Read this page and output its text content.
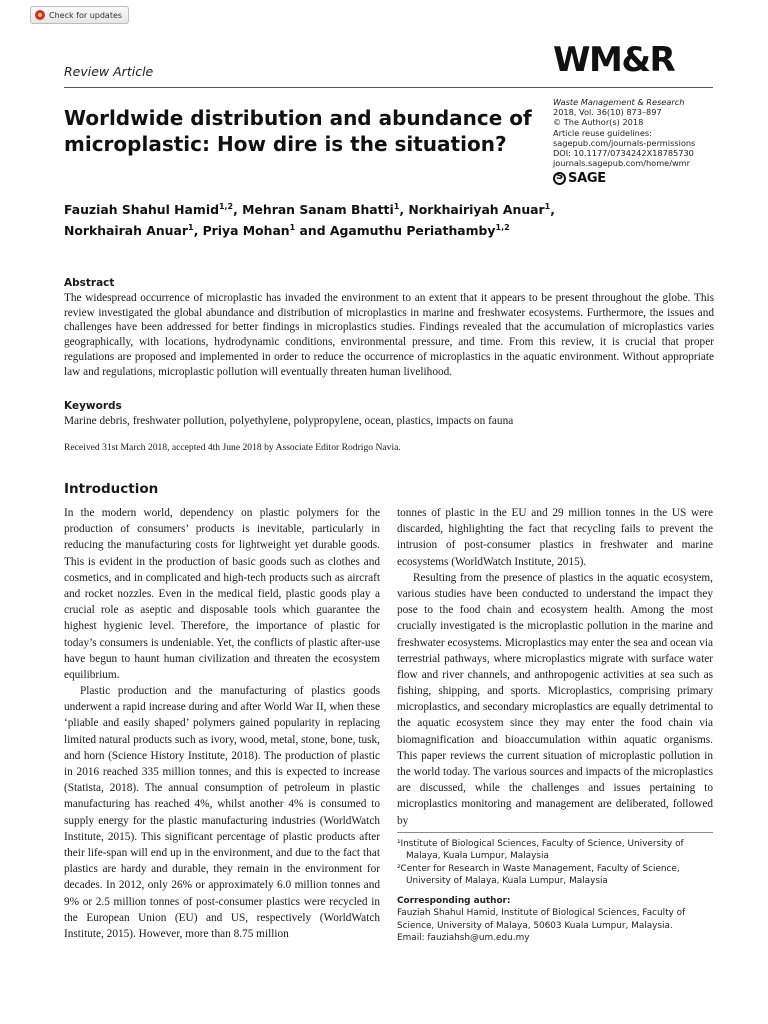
Check for updates
Review Article	WM&R
Waste Management & Research
2018, Vol. 36(10) 873–897
© The Author(s) 2018
Article reuse guidelines:
sagepub.com/journals-permissions
DOI: 10.1177/0734242X18785730
journals.sagepub.com/home/wmr
S
SAGE
Worldwide distribution and abundance of microplastic: How dire is the situation?

Fauziah Shahul Hamid$^{1,2}$, Mehran Sanam Bhatti$^1$, Norkhairiyah Anuar$^1$,
Norkhairah Anuar$^1$, Priya Mohan$^1$ and Agamuthu Periathamby$^{1,2}$

Abstract

The widespread occurrence of microplastic has invaded the environment to an extent that it appears to be present throughout the globe. This review investigated the global abundance and distribution of microplastics in marine and freshwater ecosystems. Furthermore, the issues and challenges have been addressed for better findings in microplastics studies. Findings revealed that the accumulation of microplastics varies geographically, with locations, hydrodynamic conditions, environmental pressure, and time. From this review, it is crucial that proper regulations are proposed and implemented in order to reduce the occurrence of microplastics in the aquatic environment. Without appropriate law and regulations, microplastic pollution will eventually threaten human livelihood.

Keywords
Marine debris, freshwater pollution, polyethylene, polypropylene, ocean, plastics, impacts on fauna
Received 31st March 2018, accepted 4th June 2018 by Associate Editor Rodrigo Navia.
Introduction

In the modern world, dependency on plastic polymers for the production of consumers’ products is inevitable, particularly in reducing the manufacturing costs for lightweight yet durable goods. This is evident in the production of basic goods such as clothes and cosmetics, and in complicated and high-tech products such as aircraft and rocket nozzles. Even in the medical field, plastic goods play a crucial role as aseptic and disposable tools which guarantee the highest hygienic level. Therefore, the importance of plastic for today’s consumers is undeniable. Yet, the conflicts of plastic after-use have begun to haunt human civilization and threaten the ecosystem equilibrium.

Plastic production and the manufacturing of plastics goods underwent a rapid increase during and after World War II, when these ‘pliable and easily shaped’ polymers gained popularity in replacing limited natural products such as ivory, wood, metal, stone, bone, tusk, and horn (Science History Institute, 2018). The production of plastic in 2016 reached 335 million tonnes, and this is expected to increase (Statista, 2018). The annual consumption of petroleum in plastic manufacturing has reached 4%, whilst another 4% is consumed to supply energy for the plastic manufacturing industries (WorldWatch Institute, 2015). This significant percentage of plastic products after their life-span will end up in the environment, and due to the fact that plastics are hardy and durable, they remain in the environment for decades. In 2012, only 26% or approximately 6.0 million tonnes and 9% or 2.5 million tonnes of post-consumer plastics were recycled in the European Union (EU) and US, respectively (WorldWatch Institute, 2015). However, more than 8.75 million

tonnes of plastic in the EU and 29 million tonnes in the US were discarded, highlighting the fact that recycling fails to prevent the intrusion of post-consumer plastics in freshwater and marine ecosystems (WorldWatch Institute, 2015).

Resulting from the presence of plastics in the aquatic ecosystem, various studies have been conducted to understand the impact they pose to the food chain and ecosystem health. Among the most crucially investigated is the microplastic pollution in the marine and freshwater ecosystems. Microplastics may enter the sea and ocean via terrestrial pathways, where microplastics migrate with surface water flow and river channels, and anthropogenic activities at sea such as fishing, shipping, and sports. Microplastics, comprising primary microplastics, and secondary microplastics are equally detrimental to the aquatic ecosystem since they may enter the food chain via biomagnification and bioaccumulation within aquatic organisms. This paper reviews the current situation of microplastic pollution in the world today. The various sources and impacts of the microplastics are discussed, while the challenges and issues pertaining to microplastics monitoring and management are deliberated, followed by

¹Institute of Biological Sciences, Faculty of Science, University of Malaya, Kuala Lumpur, Malaysia
²Center for Research in Waste Management, Faculty of Science, University of Malaya, Kuala Lumpur, Malaysia
Corresponding author:
Fauziah Shahul Hamid, Institute of Biological Sciences, Faculty of Science, University of Malaya, 50603 Kuala Lumpur, Malaysia.
Email: fauziahsh@um.edu.my
